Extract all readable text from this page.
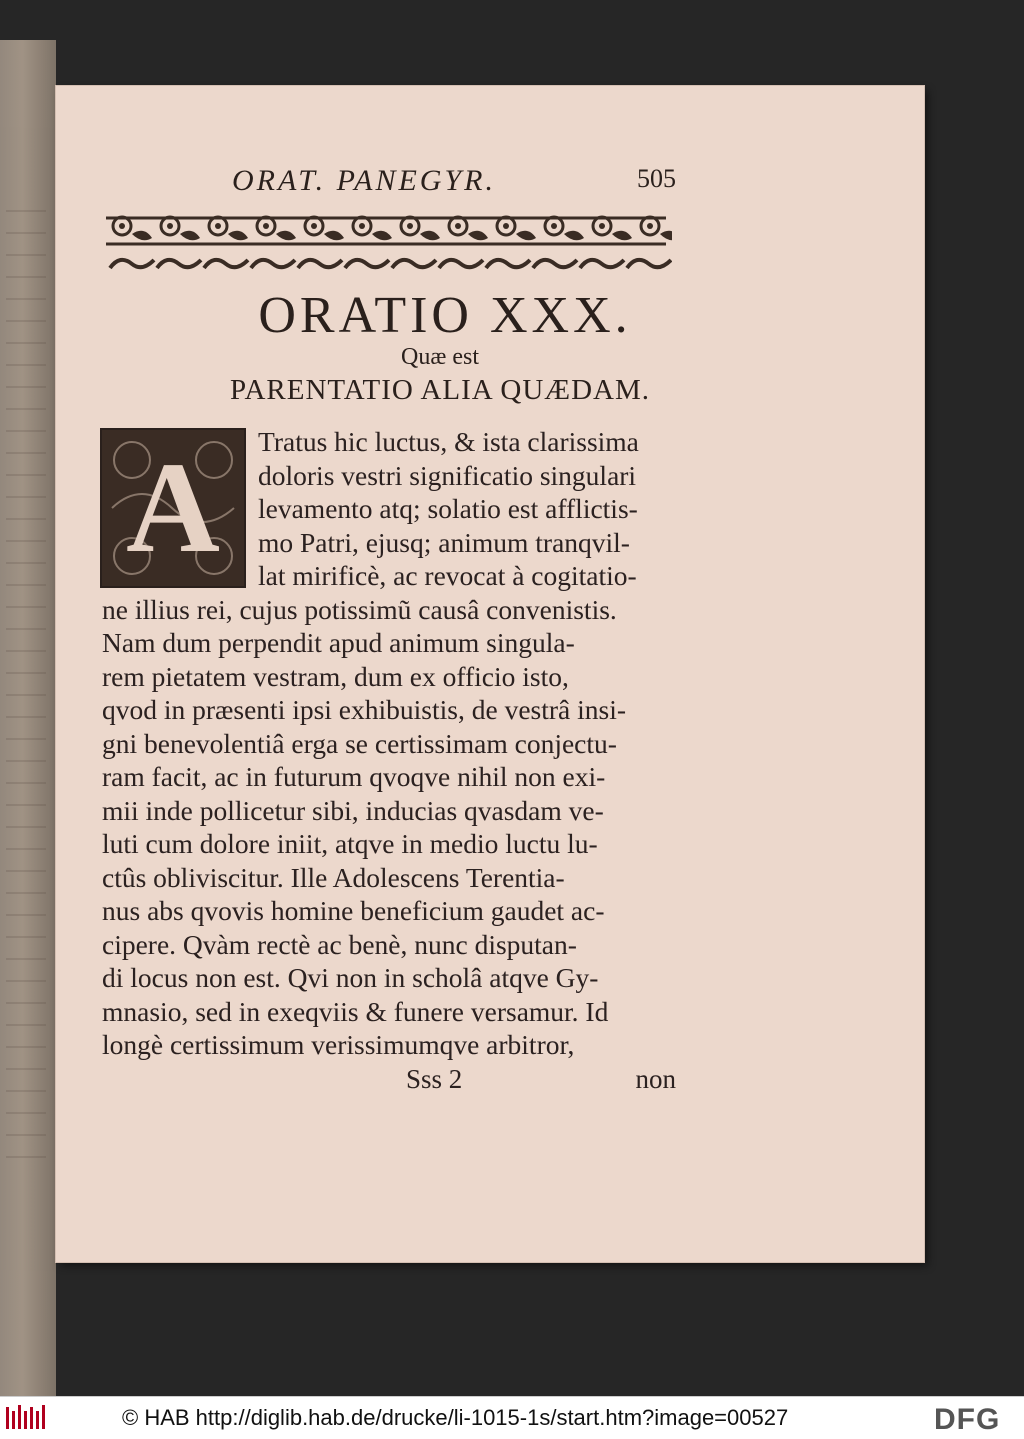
ORAT. PANEGYR.	505
ORATIO XXX.
Quæ est
PARENTATIO ALIA QUÆDAM.
A	Tratus hic luctus, & ista clarissima
doloris vestri significatio singulari
levamento atq; solatio est afflictis-
mo Patri, ejusq; animum tranqvil-
lat mirificè, ac revocat à cogitatio-
ne illius rei, cujus potissimũ causâ convenistis.
Nam dum perpendit apud animum singula-
rem pietatem vestram, dum ex officio isto,
qvod in præsenti ipsi exhibuistis, de vestrâ insi-
gni benevolentiâ erga se certissimam conjectu-
ram facit, ac in futurum qvoqve nihil non exi-
mii inde pollicetur sibi, inducias qvasdam ve-
luti cum dolore iniit, atqve in medio luctu lu-
ctûs obliviscitur. Ille Adolescens Terentia-
nus abs qvovis homine beneficium gaudet ac-
cipere. Qvàm rectè ac benè, nunc disputan-
di locus non est. Qvi non in scholâ atqve Gy-
mnasio, sed in exeqviis & funere versamur. Id
longè certissimum verissimumqve arbitror,
Sss 2	non
© HAB http://diglib.hab.de/drucke/li-1015-1s/start.htm?image=00527	DFG
